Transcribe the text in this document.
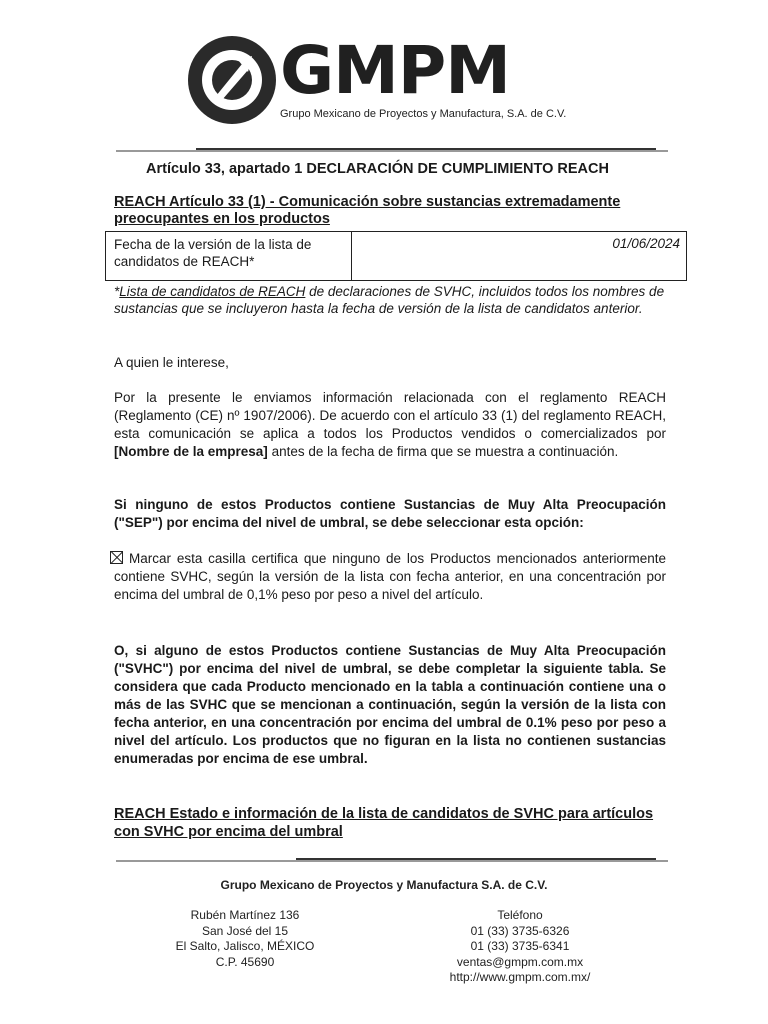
GMPM
Grupo Mexicano de Proyectos y Manufactura, S.A. de C.V.
Artículo 33, apartado 1 DECLARACIÓN DE CUMPLIMIENTO REACH
REACH Artículo 33 (1) - Comunicación sobre sustancias extremadamente preocupantes en los productos
Fecha de la versión de la lista de candidatos de REACH*
01/06/2024
*Lista de candidatos de REACH de declaraciones de SVHC, incluidos todos los nombres de sustancias que se incluyeron hasta la fecha de versión de la lista de candidatos anterior.
A quien le interese,
Por la presente le enviamos información relacionada con el reglamento REACH (Reglamento (CE) nº 1907/2006). De acuerdo con el artículo 33 (1) del reglamento REACH, esta comunicación se aplica a todos los Productos vendidos o comercializados por [Nombre de la empresa] antes de la fecha de firma que se muestra a continuación.
Si ninguno de estos Productos contiene Sustancias de Muy Alta Preocupación ("SEP") por encima del nivel de umbral, se debe seleccionar esta opción:
Marcar esta casilla certifica que ninguno de los Productos mencionados anteriormente contiene SVHC, según la versión de la lista con fecha anterior, en una concentración por encima del umbral de 0,1% peso por peso a nivel del artículo.
O, si alguno de estos Productos contiene Sustancias de Muy Alta Preocupación ("SVHC") por encima del nivel de umbral, se debe completar la siguiente tabla. Se considera que cada Producto mencionado en la tabla a continuación contiene una o más de las SVHC que se mencionan a continuación, según la versión de la lista con fecha anterior, en una concentración por encima del umbral de 0.1% peso por peso a nivel del artículo. Los productos que no figuran en la lista no contienen sustancias enumeradas por encima de ese umbral.
REACH Estado e información de la lista de candidatos de SVHC para artículos con SVHC por encima del umbral
Grupo Mexicano de Proyectos y Manufactura S.A. de C.V.
Rubén Martínez 136
San José del 15
El Salto, Jalisco, MÉXICO
C.P. 45690
Teléfono
01 (33) 3735-6326
01 (33) 3735-6341
ventas@gmpm.com.mx
http://www.gmpm.com.mx/
